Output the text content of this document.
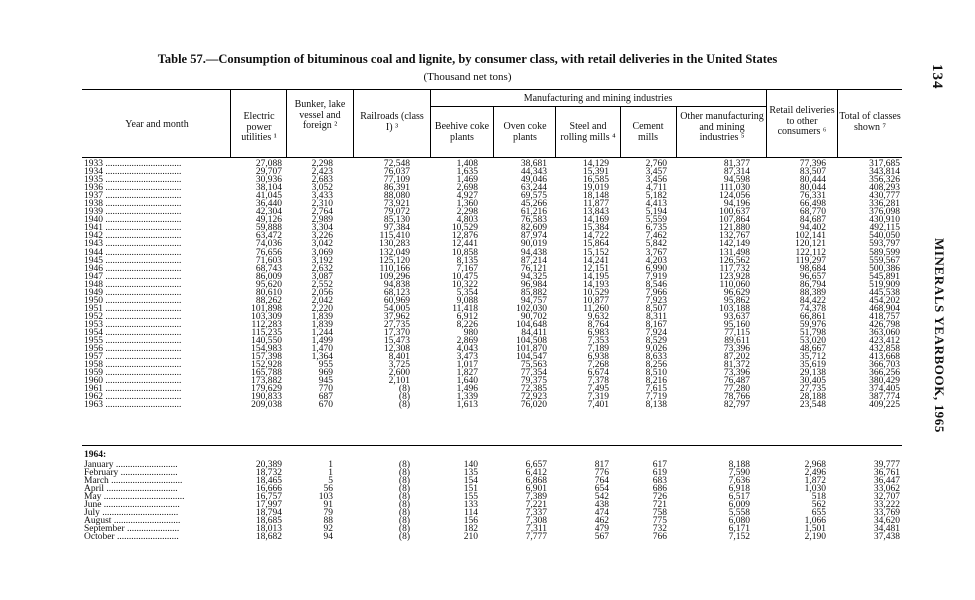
134
MINERALS YEARBOOK, 1965
Table 57.—Consumption of bituminous coal and lignite, by consumer class, with retail deliveries in the United States
(Thousand net tons)
Year and month
Electric power utilities ¹
Bunker, lake vessel and foreign ²
Railroads (class I) ³
Manufacturing and mining industries
Beehive coke plants
Oven coke plants
Steel and rolling mills ⁴
Cement mills
Other manufacturing and mining industries ⁵
Retail deliveries to other consumers ⁶
Total of classes shown ⁷
1933 ................................
1934 ................................
1935 ................................
1936 ................................
1937 ................................
1938 ................................
1939 ................................
1940 ................................
1941 ................................
1942 ................................
1943 ................................
1944 ................................
1945 ................................
1946 ................................
1947 ................................
1948 ................................
1949 ................................
1950 ................................
1951 ................................
1952 ................................
1953 ................................
1954 ................................
1955 ................................
1956 ................................
1957 ................................
1958 ................................
1959 ................................
1960 ................................
1961 ................................
1962 ................................
1963 ................................
27,088
29,707
30,936
38,104
41,045
36,440
42,304
49,126
59,888
63,472
74,036
76,656
71,603
68,743
86,009
95,620
80,610
88,262
101,898
103,309
112,283
115,235
140,550
154,983
157,398
152,928
165,788
173,882
179,629
190,833
209,038
2,298
2,423
2,683
3,052
3,433
2,310
2,764
2,989
3,304
3,226
3,042
3,069
3,192
2,632
3,087
2,552
2,056
2,042
2,220
1,839
1,839
1,244
1,499
1,470
1,364
955
969
945
770
687
670
72,548
76,037
77,109
86,391
88,080
73,921
79,072
85,130
97,384
115,410
130,283
132,049
125,120
110,166
109,296
94,838
68,123
60,969
54,005
37,962
27,735
17,370
15,473
12,308
8,401
3,725
2,600
2,101
(8)
(8)
(8)
1,408
1,635
1,469
2,698
4,927
1,360
2,298
4,803
10,529
12,876
12,441
10,858
8,135
7,167
10,475
10,322
5,354
9,088
11,418
6,912
8,226
980
2,869
4,043
3,473
1,017
1,827
1,640
1,496
1,339
1,613
38,681
44,343
49,046
63,244
69,575
45,266
61,216
76,583
82,609
87,974
90,019
94,438
87,214
76,121
94,325
96,984
85,882
94,757
102,030
90,702
104,648
84,411
104,508
101,870
104,547
75,563
77,354
79,375
72,385
72,923
76,020
14,129
15,391
16,585
19,019
18,148
11,877
13,843
14,169
15,384
14,722
15,864
15,152
14,241
12,151
14,195
14,193
10,529
10,877
11,260
9,632
8,764
6,983
7,353
7,189
6,938
7,268
6,674
7,378
7,495
7,319
7,401
2,760
3,457
3,456
4,711
5,182
4,413
5,194
5,559
6,735
7,462
5,842
3,767
4,203
6,990
7,919
8,546
7,966
7,923
8,507
8,311
8,167
7,924
8,529
9,026
8,633
8,256
8,510
8,216
7,615
7,719
8,138
81,377
87,314
94,598
111,030
124,056
94,196
100,637
107,864
121,880
132,767
142,149
131,498
126,562
117,732
123,928
110,060
96,629
95,862
103,188
93,637
95,160
77,115
89,611
73,396
87,202
81,372
73,396
76,487
77,280
78,766
82,797
77,396
83,507
80,444
80,044
76,331
66,498
68,770
84,687
94,402
102,141
120,121
122,112
119,297
98,684
96,657
86,794
88,389
84,422
74,378
66,861
59,976
51,798
53,020
48,667
35,712
35,619
29,138
30,405
27,735
28,188
23,548
317,685
343,814
356,326
408,293
430,777
336,281
376,098
430,910
492,115
540,050
593,797
589,599
559,567
500,386
545,891
519,909
445,538
454,202
468,904
418,757
426,798
363,060
423,412
432,858
413,668
366,703
366,256
380,429
374,405
387,774
409,225
1964:
January ..........................
February ........................
March ..............................
April ..............................
May ..................................
June ................................
July ................................
August ............................
September ......................
October ..........................
20,389
18,732
18,465
16,666
16,757
17,997
18,794
18,685
18,013
18,682
1
1
5
56
103
91
79
88
92
94
(8)
(8)
(8)
(8)
(8)
(8)
(8)
(8)
(8)
(8)
140
135
154
151
155
133
114
156
182
210
6,657
6,412
6,868
6,901
7,389
7,221
7,337
7,308
7,311
7,777
817
776
764
654
542
438
474
462
479
567
617
619
683
686
726
721
758
775
732
766
8,188
7,590
7,636
6,918
6,517
6,009
5,558
6,080
6,171
7,152
2,968
2,496
1,872
1,030
518
562
655
1,066
1,501
2,190
39,777
36,761
36,447
33,062
32,707
33,222
33,769
34,620
34,481
37,438
